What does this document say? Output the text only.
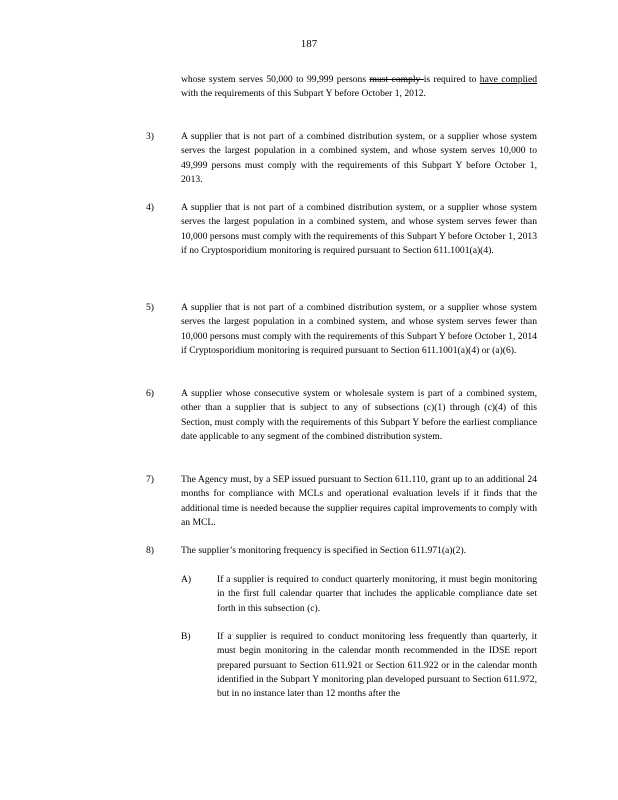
187
whose system serves 50,000 to 99,999 persons must comply is required to have complied with the requirements of this Subpart Y before October 1, 2012.
3)	A supplier that is not part of a combined distribution system, or a supplier whose system serves the largest population in a combined system, and whose system serves 10,000 to 49,999 persons must comply with the requirements of this Subpart Y before October 1, 2013.
4)	A supplier that is not part of a combined distribution system, or a supplier whose system serves the largest population in a combined system, and whose system serves fewer than 10,000 persons must comply with the requirements of this Subpart Y before October 1, 2013 if no Cryptosporidium monitoring is required pursuant to Section 611.1001(a)(4).
5)	A supplier that is not part of a combined distribution system, or a supplier whose system serves the largest population in a combined system, and whose system serves fewer than 10,000 persons must comply with the requirements of this Subpart Y before October 1, 2014 if Cryptosporidium monitoring is required pursuant to Section 611.1001(a)(4) or (a)(6).
6)	A supplier whose consecutive system or wholesale system is part of a combined system, other than a supplier that is subject to any of subsections (c)(1) through (c)(4) of this Section, must comply with the requirements of this Subpart Y before the earliest compliance date applicable to any segment of the combined distribution system.
7)	The Agency must, by a SEP issued pursuant to Section 611.110, grant up to an additional 24 months for compliance with MCLs and operational evaluation levels if it finds that the additional time is needed because the supplier requires capital improvements to comply with an MCL.
8)	The supplier’s monitoring frequency is specified in Section 611.971(a)(2).
A)	If a supplier is required to conduct quarterly monitoring, it must begin monitoring in the first full calendar quarter that includes the applicable compliance date set forth in this subsection (c).
B)	If a supplier is required to conduct monitoring less frequently than quarterly, it must begin monitoring in the calendar month recommended in the IDSE report prepared pursuant to Section 611.921 or Section 611.922 or in the calendar month identified in the Subpart Y monitoring plan developed pursuant to Section 611.972, but in no instance later than 12 months after the
